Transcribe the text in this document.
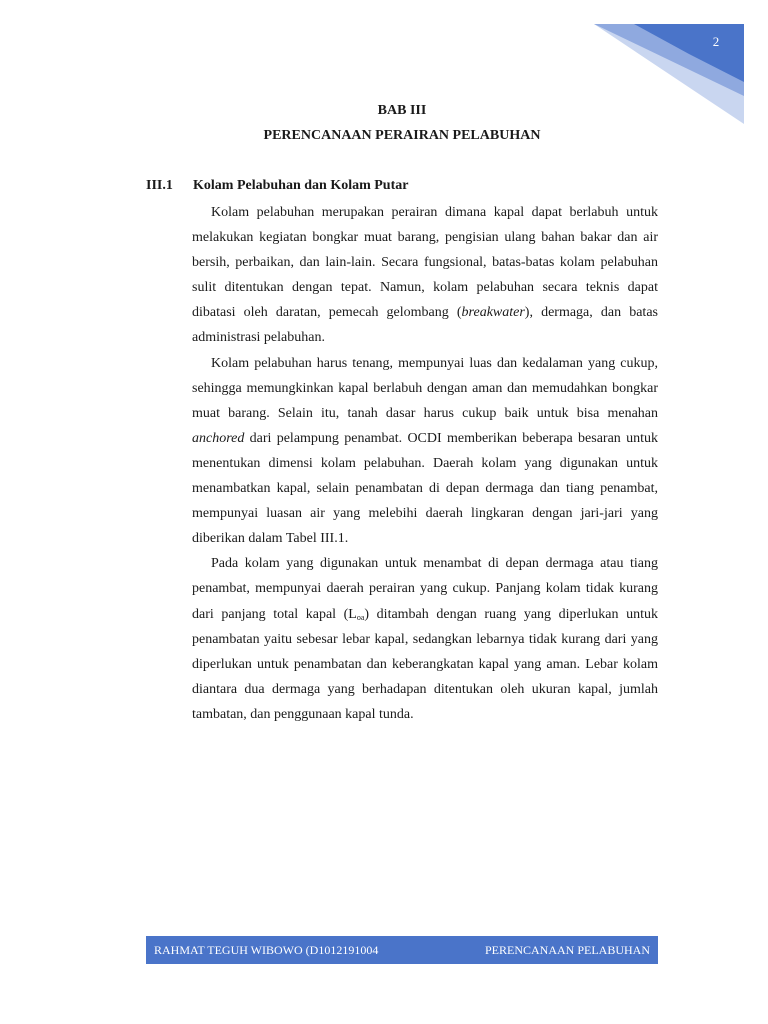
2
BAB III
PERENCANAAN PERAIRAN PELABUHAN
III.1 Kolam Pelabuhan dan Kolam Putar

Kolam pelabuhan merupakan perairan dimana kapal dapat berlabuh untuk melakukan kegiatan bongkar muat barang, pengisian ulang bahan bakar dan air bersih, perbaikan, dan lain-lain. Secara fungsional, batas-batas kolam pelabuhan sulit ditentukan dengan tepat. Namun, kolam pelabuhan secara teknis dapat dibatasi oleh daratan, pemecah gelombang (breakwater), dermaga, dan batas administrasi pelabuhan.

Kolam pelabuhan harus tenang, mempunyai luas dan kedalaman yang cukup, sehingga memungkinkan kapal berlabuh dengan aman dan memudahkan bongkar muat barang. Selain itu, tanah dasar harus cukup baik untuk bisa menahan anchored dari pelampung penambat. OCDI memberikan beberapa besaran untuk menentukan dimensi kolam pelabuhan. Daerah kolam yang digunakan untuk menambatkan kapal, selain penambatan di depan dermaga dan tiang penambat, mempunyai luasan air yang melebihi daerah lingkaran dengan jari-jari yang diberikan dalam Tabel III.1.

Pada kolam yang digunakan untuk menambat di depan dermaga atau tiang penambat, mempunyai daerah perairan yang cukup. Panjang kolam tidak kurang dari panjang total kapal $(L_{oa})$ ditambah dengan ruang yang diperlukan untuk penambatan yaitu sebesar lebar kapal, sedangkan lebarnya tidak kurang dari yang diperlukan untuk penambatan dan keberangkatan kapal yang aman. Lebar kolam diantara dua dermaga yang berhadapan ditentukan oleh ukuran kapal, jumlah tambatan, dan penggunaan kapal tunda.

RAHMAT TEGUH WIBOWO (D1012191004	PERENCANAAN PELABUHAN
